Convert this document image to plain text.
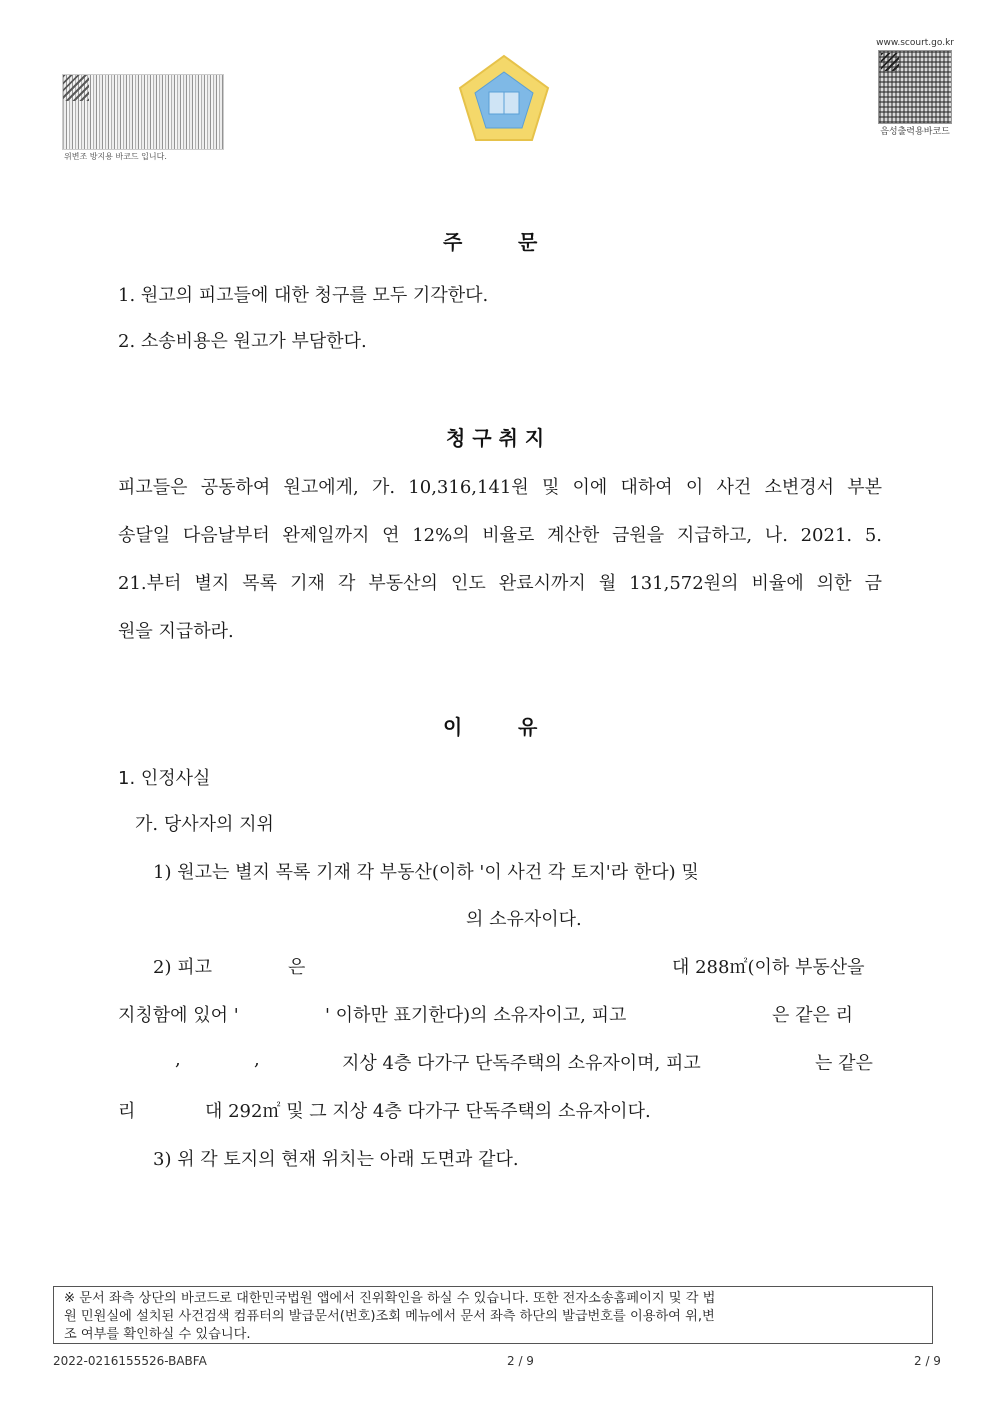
위변조 방지용 바코드 입니다.
www.scourt.go.kr
음성출력용바코드
주        문
1. 원고의 피고들에 대한 청구를 모두 기각한다.
2. 소송비용은 원고가 부담한다.
청 구 취 지
피고들은 공동하여 원고에게, 가. 10,316,141원 및 이에 대하여 이 사건 소변경서 부본
송달일 다음날부터 완제일까지 연 12%의 비율로 계산한 금원을 지급하고, 나. 2021. 5.
21.부터 별지 목록 기재 각 부동산의 인도 완료시까지 월 131,572원의 비율에 의한 금
원을 지급하라.
이        유
1. 인정사실
가. 당사자의 지위
1) 원고는 별지 목록 기재 각 부동산(이하 '이 사건 각 토지'라 한다) 및
의 소유자이다.
2) 피고	은	대 288㎡(이하 부동산을
지칭함에 있어 '	' 이하만 표기한다)의 소유자이고, 피고	은 같은 리
,	,	지상 4층 다가구 단독주택의 소유자이며, 피고	는 같은
리	대 292㎡ 및 그 지상 4층 다가구 단독주택의 소유자이다.
3) 위 각 토지의 현재 위치는 아래 도면과 같다.
※ 문서 좌측 상단의 바코드로 대한민국법원 앱에서 진위확인을 하실 수 있습니다. 또한 전자소송홈페이지 및 각 법
원 민원실에 설치된 사건검색 컴퓨터의 발급문서(번호)조회 메뉴에서 문서 좌측 하단의 발급번호를 이용하여 위,변
조 여부를 확인하실 수 있습니다.
2022-0216155526-BABFA	2 / 9	2 / 9
